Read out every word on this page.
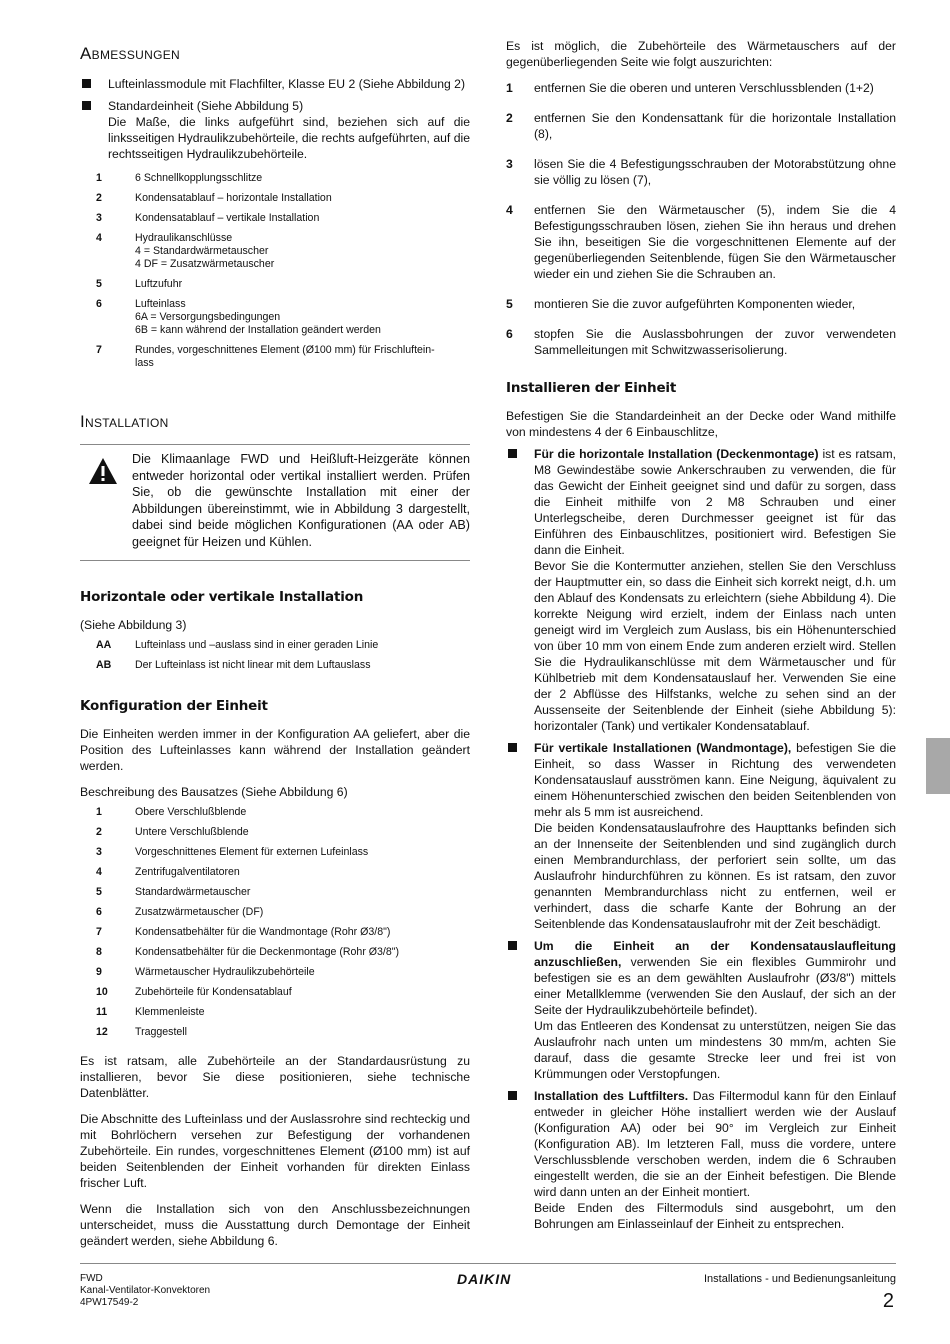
Abmessungen
Lufteinlassmodule mit Flachfilter, Klasse EU 2 (Siehe Abbildung 2)
Standardeinheit (Siehe Abbildung 5)
Die Maße, die links aufgeführt sind, beziehen sich auf die linksseitigen Hydraulikzubehörteile, die rechts aufgeführten, auf die rechtsseitigen Hydraulikzubehörteile.
1	6 Schnellkopplungsschlitze
2	Kondensatablauf – horizontale Installation
3	Kondensatablauf – vertikale Installation
4	Hydraulikanschlüsse
4 = Standardwärmetauscher
4 DF = Zusatzwärmetauscher
5	Luftzufuhr
6	Lufteinlass
6A = Versorgungsbedingungen
6B = kann während der Installation geändert werden
7	Rundes, vorgeschnittenes Element (Ø100 mm) für Frischluftein-
lass
Installation

Die Klimaanlage FWD und Heißluft-Heizgeräte können entweder horizontal oder vertikal installiert werden. Prüfen Sie, ob die gewünschte Installation mit einer der Abbildungen übereinstimmt, wie in Abbildung 3 dargestellt, dabei sind beide möglichen Konfigurationen (AA oder AB) geeignet für Heizen und Kühlen.

Horizontale oder vertikale Installation

(Siehe Abbildung 3)

AA Lufteinlass und –auslass sind in einer geraden Linie
AB Der Lufteinlass ist nicht linear mit dem Luftauslass
Konfiguration der Einheit

Die Einheiten werden immer in der Konfiguration AA geliefert, aber die Position des Lufteinlasses kann während der Installation geändert werden.

Beschreibung des Bausatzes (Siehe Abbildung 6)

1	Obere Verschlußblende
2	Untere Verschlußblende
3	Vorgeschnittenes Element für externen Lufeinlass
4	Zentrifugalventilatoren
5	Standardwärmetauscher
6	Zusatzwärmetauscher (DF)
7	Kondensatbehälter für die Wandmontage (Rohr Ø3/8")
8	Kondensatbehälter für die Deckenmontage (Rohr Ø3/8")
9	Wärmetauscher Hydraulikzubehörteile
10	Zubehörteile für Kondensatablauf
11	Klemmenleiste
12	Traggestell

Es ist ratsam, alle Zubehörteile an der Standardausrüstung zu installieren, bevor Sie diese positionieren, siehe technische Datenblätter.

Die Abschnitte des Lufteinlass und der Auslassrohre sind rechteckig und mit Bohrlöchern versehen zur Befestigung der vorhandenen Zubehörteile. Ein rundes, vorgeschnittenes Element (Ø100 mm) ist auf beiden Seitenblenden der Einheit vorhanden für direkten Einlass frischer Luft.

Wenn die Installation sich von den Anschlussbezeichnungen unterscheidet, muss die Ausstattung durch Demontage der Einheit geändert werden, siehe Abbildung 6.

Es ist möglich, die Zubehörteile des Wärmetauschers auf der gegenüberliegenden Seite wie folgt auszurichten:

1 entfernen Sie die oberen und unteren Verschlussblenden (1+2)
2 entfernen Sie den Kondensattank für die horizontale Installation (8),
3 lösen Sie die 4 Befestigungsschrauben der Motorabstützung ohne sie völlig zu lösen (7),
4 entfernen Sie den Wärmetauscher (5), indem Sie die 4 Befestigungsschrauben lösen, ziehen Sie ihn heraus und drehen Sie ihn, beseitigen Sie die vorgeschnittenen Elemente auf der gegenüberliegenden Seitenblende, fügen Sie den Wärmetauscher wieder ein und ziehen Sie die Schrauben an.
5 montieren Sie die zuvor aufgeführten Komponenten wieder,
6 stopfen Sie die Auslassbohrungen der zuvor verwendeten Sammelleitungen mit Schwitzwasserisolierung.
Installieren der Einheit

Befestigen Sie die Standardeinheit an der Decke oder Wand mithilfe von mindestens 4 der 6 Einbauschlitze,

Für die horizontale Installation (Deckenmontage) ist es ratsam, M8 Gewindestäbe sowie Ankerschrauben zu verwenden, die für das Gewicht der Einheit geeignet sind und dafür zu sorgen, dass die Einheit mithilfe von 2 M8 Schrauben und einer Unterlegscheibe, deren Durchmesser geeignet ist für das Einführen des Einbauschlitzes, positioniert wird. Befestigen Sie dann die Einheit.
Bevor Sie die Kontermutter anziehen, stellen Sie den Verschluss der Hauptmutter ein, so dass die Einheit sich korrekt neigt, d.h. um den Ablauf des Kondensats zu erleichtern (siehe Abbildung 4). Die korrekte Neigung wird erzielt, indem der Einlass nach unten geneigt wird im Vergleich zum Auslass, bis ein Höhenunterschied von über 10 mm von einem Ende zum anderen erzielt wird. Stellen Sie die Hydraulikanschlüsse mit dem Wärmetauscher und für Kühlbetrieb mit dem Kondensatauslauf her. Verwenden Sie eine der 2 Abflüsse des Hilfstanks, welche zu sehen sind an der Aussenseite der Seitenblende der Einheit (siehe Abbildung 5): horizontaler (Tank) und vertikaler Kondensatablauf.
Für vertikale Installationen (Wandmontage), befestigen Sie die Einheit, so dass Wasser in Richtung des verwendeten Kondensatauslauf ausströmen kann. Eine Neigung, äquivalent zu einem Höhenunterschied zwischen den beiden Seitenblenden von mehr als 5 mm ist ausreichend.
Die beiden Kondensatauslaufrohre des Haupttanks befinden sich an der Innenseite der Seitenblenden und sind zugänglich durch einen Membrandurchlass, der perforiert sein sollte, um das Auslaufrohr hindurchführen zu können. Es ist ratsam, den zuvor genannten Membrandurchlass nicht zu entfernen, weil er verhindert, dass die scharfe Kante der Bohrung an der Seitenblende das Kondensatauslaufrohr mit der Zeit beschädigt.
Um die Einheit an der Kondensatauslaufleitung anzuschließen, verwenden Sie ein flexibles Gummirohr und befestigen sie es an dem gewählten Auslaufrohr (Ø3/8") mittels einer Metallklemme (verwenden Sie den Auslauf, der sich an der Seite der Hydraulikzubehörteile befindet).
Um das Entleeren des Kondensat zu unterstützen, neigen Sie das Auslaufrohr nach unten um mindestens 30 mm/m, achten Sie darauf, dass die gesamte Strecke leer und frei ist von Krümmungen oder Verstopfungen.
Installation des Luftfilters. Das Filtermodul kann für den Einlauf entweder in gleicher Höhe installiert werden wie der Auslauf (Konfiguration AA) oder bei 90° im Vergleich zur Einheit (Konfiguration AB). Im letzteren Fall, muss die vordere, untere Verschlussblende verschoben werden, indem die 6 Schrauben eingestellt werden, die sie an der Einheit befestigen. Die Blende wird dann unten an der Einheit montiert.
Beide Enden des Filtermoduls sind ausgebohrt, um den Bohrungen am Einlasseinlauf der Einheit zu entsprechen.
FWD
Kanal-Ventilator-Konvektoren
4PW17549-2
DAIKIN	Installations - und Bedienungsanleitung
2
